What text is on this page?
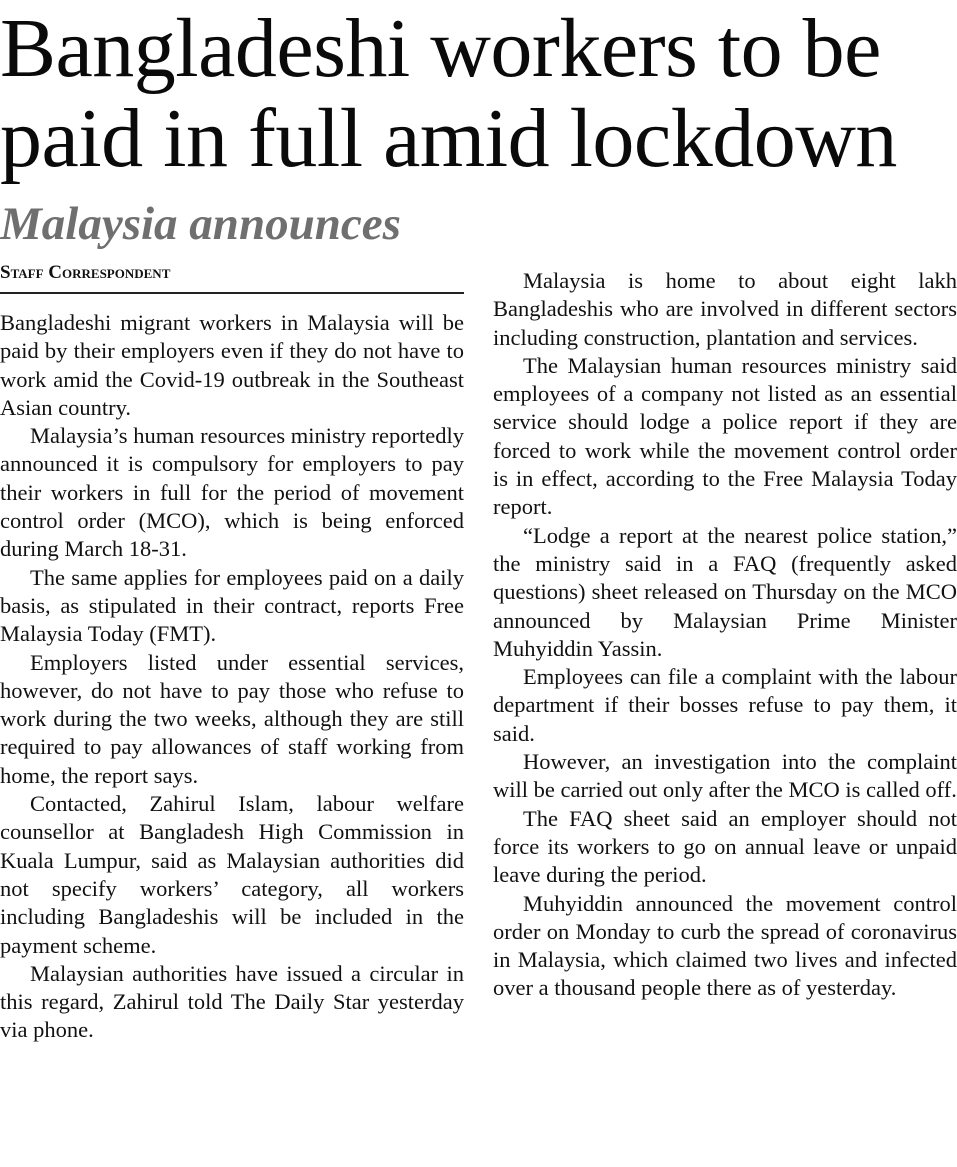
Bangladeshi workers to be paid in full amid lockdown
Malaysia announces
Staff Correspondent

Bangladeshi migrant workers in Malaysia will be paid by their employers even if they do not have to work amid the Covid-19 outbreak in the Southeast Asian country.

Malaysia’s human resources ministry reportedly announced it is compulsory for employers to pay their workers in full for the period of movement control order (MCO), which is being enforced during March 18-31.

The same applies for employees paid on a daily basis, as stipulated in their contract, reports Free Malaysia Today (FMT).

Employers listed under essential services, however, do not have to pay those who refuse to work during the two weeks, although they are still required to pay allowances of staff working from home, the report says.

Contacted, Zahirul Islam, labour welfare counsellor at Bangladesh High Commission in Kuala Lumpur, said as Malaysian authorities did not specify workers’ category, all workers including Bangladeshis will be included in the payment scheme.

Malaysian authorities have issued a circular in this regard, Zahirul told The Daily Star yesterday via phone.

Malaysia is home to about eight lakh Bangladeshis who are involved in different sectors including construction, plantation and services.

The Malaysian human resources ministry said employees of a company not listed as an essential service should lodge a police report if they are forced to work while the movement control order is in effect, according to the Free Malaysia Today report.

“Lodge a report at the nearest police station,” the ministry said in a FAQ (frequently asked questions) sheet released on Thursday on the MCO announced by Malaysian Prime Minister Muhyiddin Yassin.

Employees can file a complaint with the labour department if their bosses refuse to pay them, it said.

However, an investigation into the complaint will be carried out only after the MCO is called off.

The FAQ sheet said an employer should not force its workers to go on annual leave or unpaid leave during the period.

Muhyiddin announced the movement control order on Monday to curb the spread of coronavirus in Malaysia, which claimed two lives and infected over a thousand people there as of yesterday.
